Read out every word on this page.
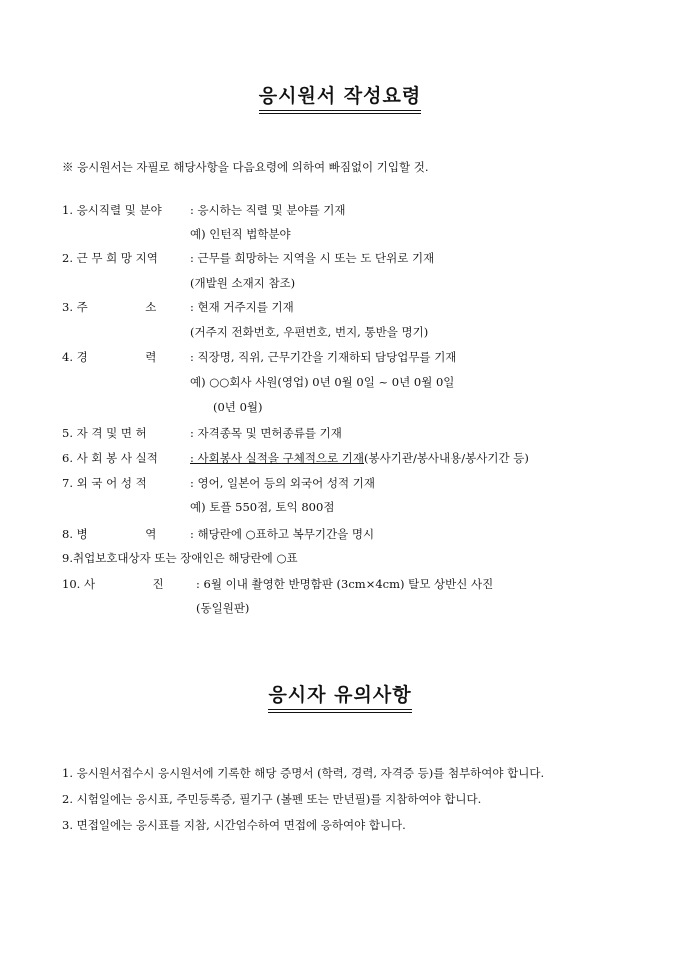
응시원서 작성요령
※ 응시원서는 자필로 해당사항을 다음요령에 의하여 빠짐없이 기입할 것.
1. 응시직렬 및 분야 : 응시하는 직렬 및 분야를 기재
예) 인턴직 법학분야
2. 근 무 희 망 지역	: 근무를 희망하는 지역을 시 또는 도 단위로 기재
(개발원 소재지 참조)
3. 주     소	: 현재 거주지를 기재
(거주지 전화번호, 우편번호, 번지, 통반을 명기)
4. 경     력	: 직장명, 직위, 근무기간을 기재하되 담당업무를 기재
예) ○○회사 사원(영업) 0년 0월 0일 ~ 0년 0월 0일
  (0년 0월)
5. 자 격 및 면 허	: 자격종목 및 면허종류를 기재
6. 사 회 봉 사 실적	: 사회봉사 실적을 구체적으로 기재(봉사기관/봉사내용/봉사기간 등)
7. 외 국 어 성 적	: 영어, 일본어 등의 외국어 성적 기재
예) 토플 550점, 토익 800점
8. 병     역	: 해당란에 ○표하고 복무기간을 명시
9.취업보호대상자 또는 장애인은 해당란에 ○표
10. 사     진	: 6월 이내 촬영한 반명함판 (3cm×4cm) 탈모 상반신 사진
(동일원판)
응시자 유의사항
1. 응시원서접수시 응시원서에 기록한 해당 증명서 (학력, 경력, 자격증 등)를 첨부하여야 합니다.
2. 시험일에는 응시표, 주민등록증, 필기구 (볼펜 또는 만년필)를 지참하여야 합니다.
3. 면접일에는 응시표를 지참, 시간엄수하여 면접에 응하여야 합니다.
